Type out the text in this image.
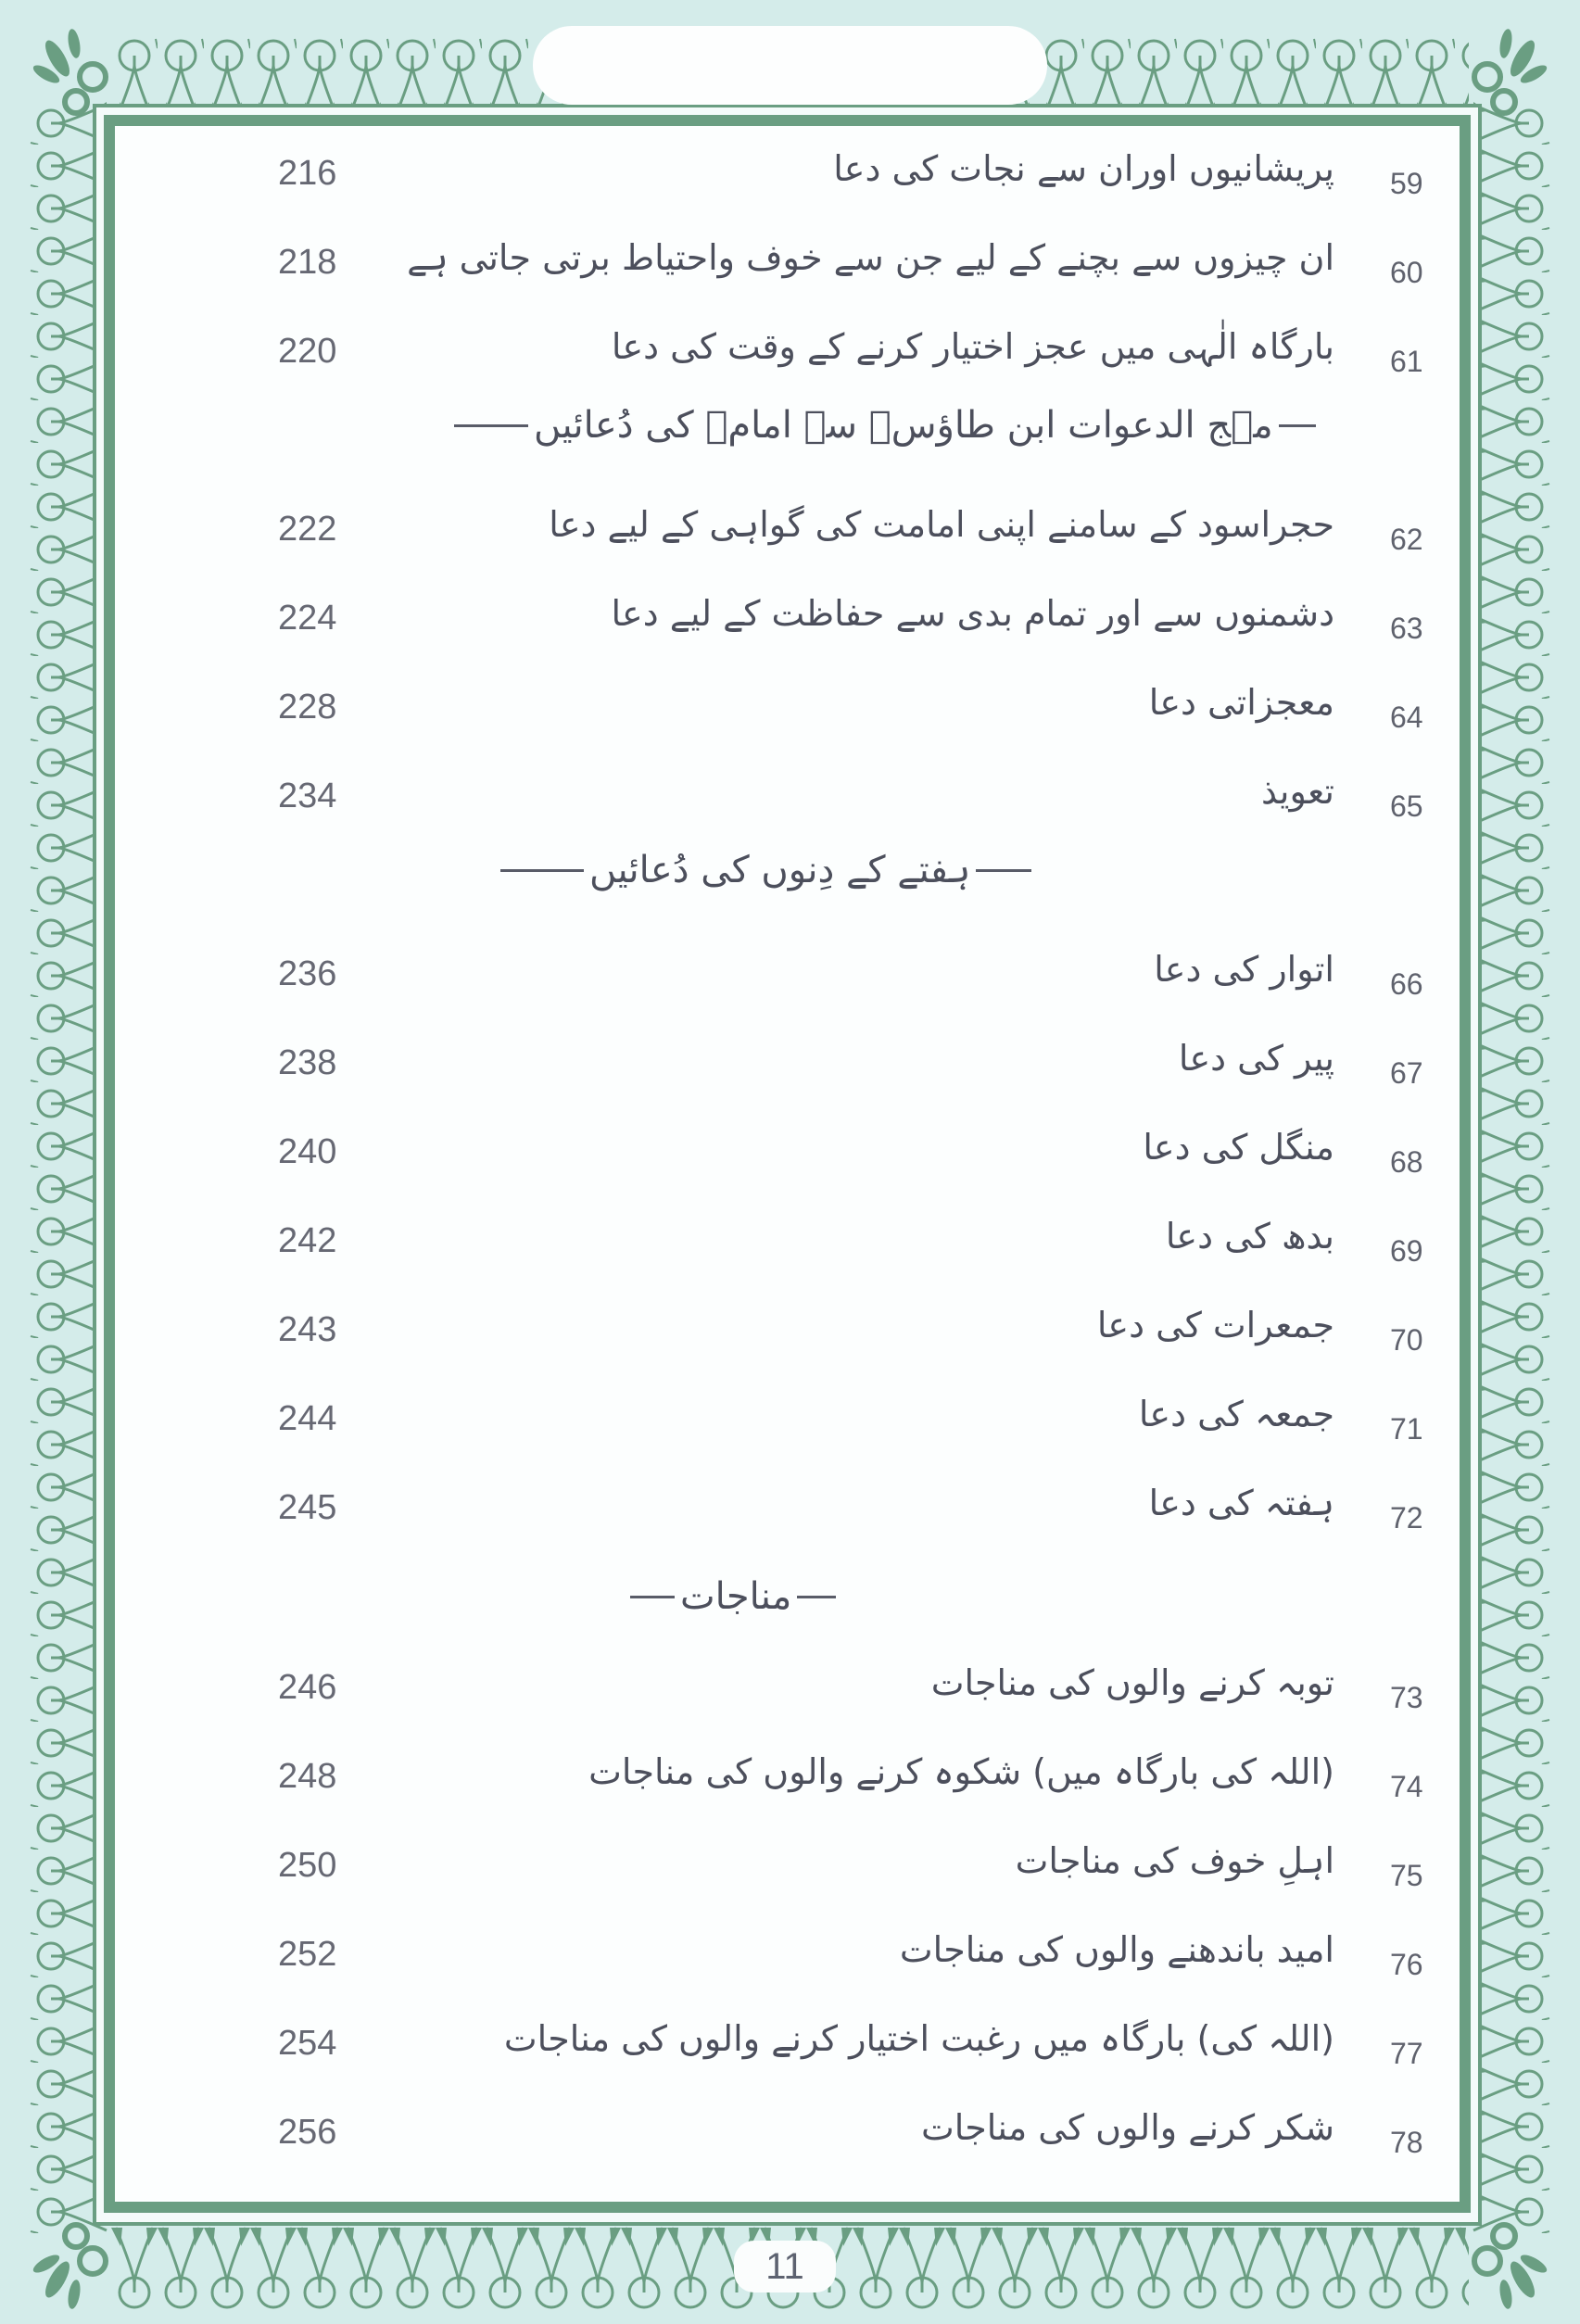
216	پریشانیوں اوران سے نجات کی دعا 59
218 ان چیزوں سے بچنے کے لیے جن سے خوف واحتیاط برتی جاتی ہے 60
220	بارگاہ الٰہی میں عجز اختیار کرنے کے وقت کی دعا 61
مہج الدعوات ابن طاؤسؒ سے امامؑ کی دُعائیں
222	حجراسود کے سامنے اپنی امامت کی گواہی کے لیے دعا 62
224	دشمنوں سے اور تمام بدی سے حفاظت کے لیے دعا 63
228	معجزاتی دعا 64
234	تعویذ 65
ہفتے کے دِنوں کی دُعائیں
236	اتوار کی دعا 66
238	پیر کی دعا 67
240	منگل کی دعا 68
242	بدھ کی دعا 69
243	جمعرات کی دعا 70
244	جمعہ کی دعا 71
245	ہفتہ کی دعا 72
مناجات
246	توبہ کرنے والوں کی مناجات 73
248	(اللہ کی بارگاہ میں) شکوہ کرنے والوں کی مناجات 74
250	اہلِ خوف کی مناجات 75
252	امید باندھنے والوں کی مناجات 76
254	(اللہ کی) بارگاہ میں رغبت اختیار کرنے والوں کی مناجات 77
256	شکر کرنے والوں کی مناجات 78
11
